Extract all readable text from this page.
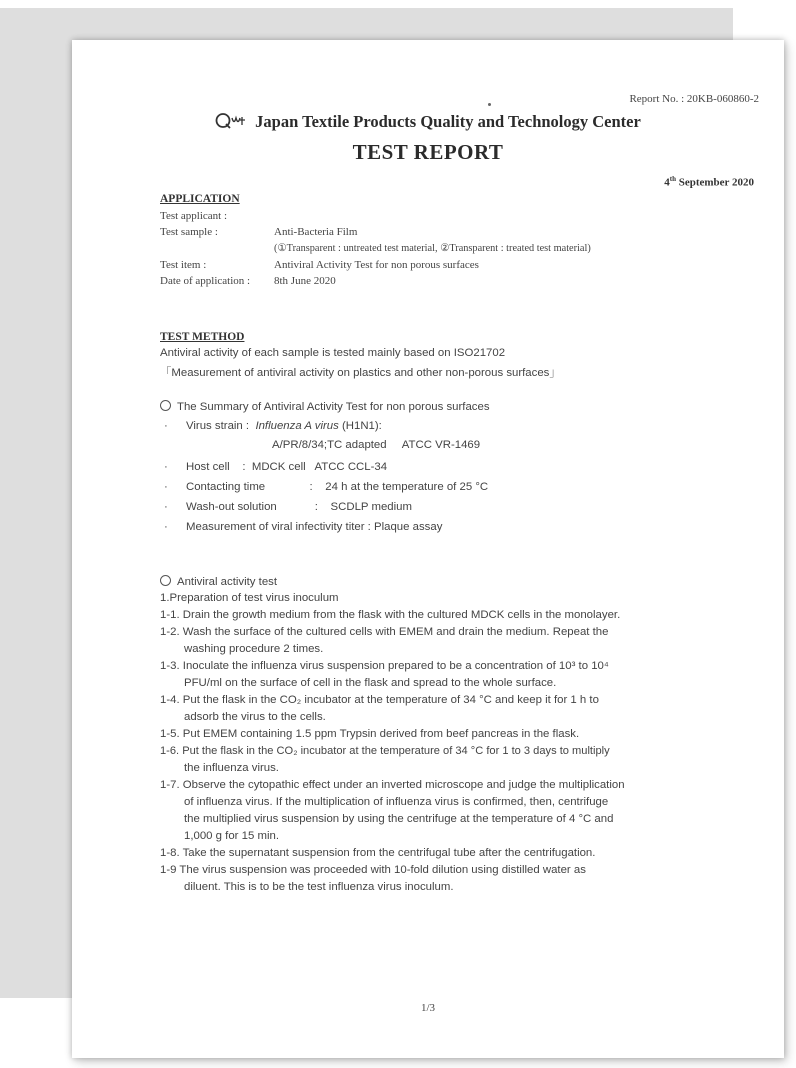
Report No. : 20KB-060860-2
Japan Textile Products Quality and Technology Center
TEST REPORT
4th September 2020
APPLICATION
Test applicant :
Test sample :	Anti-Bacteria Film
(①Transparent : untreated test material, ②Transparent : treated test material)
Test item :	Antiviral Activity Test for non porous surfaces
Date of application : 8th June 2020
TEST METHOD
Antiviral activity of each sample is tested mainly based on ISO21702
「Measurement of antiviral activity on plastics and other non-porous surfaces」
The Summary of Antiviral Activity Test for non porous surfaces
· Virus strain : Influenza A virus (H1N1):
A/PR/8/34;TC adapted     ATCC VR-1469
· Host cell    :  MDCK cell   ATCC CCL-34
· Contacting time              :    24 h at the temperature of 25 °C
· Wash-out solution            :    SCDLP medium
· Measurement of viral infectivity titer : Plaque assay
Antiviral activity test
1.Preparation of test virus inoculum
1-1. Drain the growth medium from the flask with the cultured MDCK cells in the monolayer.
1-2. Wash the surface of the cultured cells with EMEM and drain the medium. Repeat the
washing procedure 2 times.
1-3. Inoculate the influenza virus suspension prepared to be a concentration of 10³ to 10⁴
PFU/ml on the surface of cell in the flask and spread to the whole surface.
1-4. Put the flask in the CO₂ incubator at the temperature of 34 °C and keep it for 1 h to
adsorb the virus to the cells.
1-5. Put EMEM containing 1.5 ppm Trypsin derived from beef pancreas in the flask.
1-6. Put the flask in the CO₂ incubator at the temperature of 34 °C for 1 to 3 days to multiply
the influenza virus.
1-7. Observe the cytopathic effect under an inverted microscope and judge the multiplication
of influenza virus. If the multiplication of influenza virus is confirmed, then, centrifuge
the multiplied virus suspension by using the centrifuge at the temperature of 4 °C and
1,000 g for 15 min.
1-8. Take the supernatant suspension from the centrifugal tube after the centrifugation.
1-9 The virus suspension was proceeded with 10-fold dilution using distilled water as
diluent. This is to be the test influenza virus inoculum.
1/3
